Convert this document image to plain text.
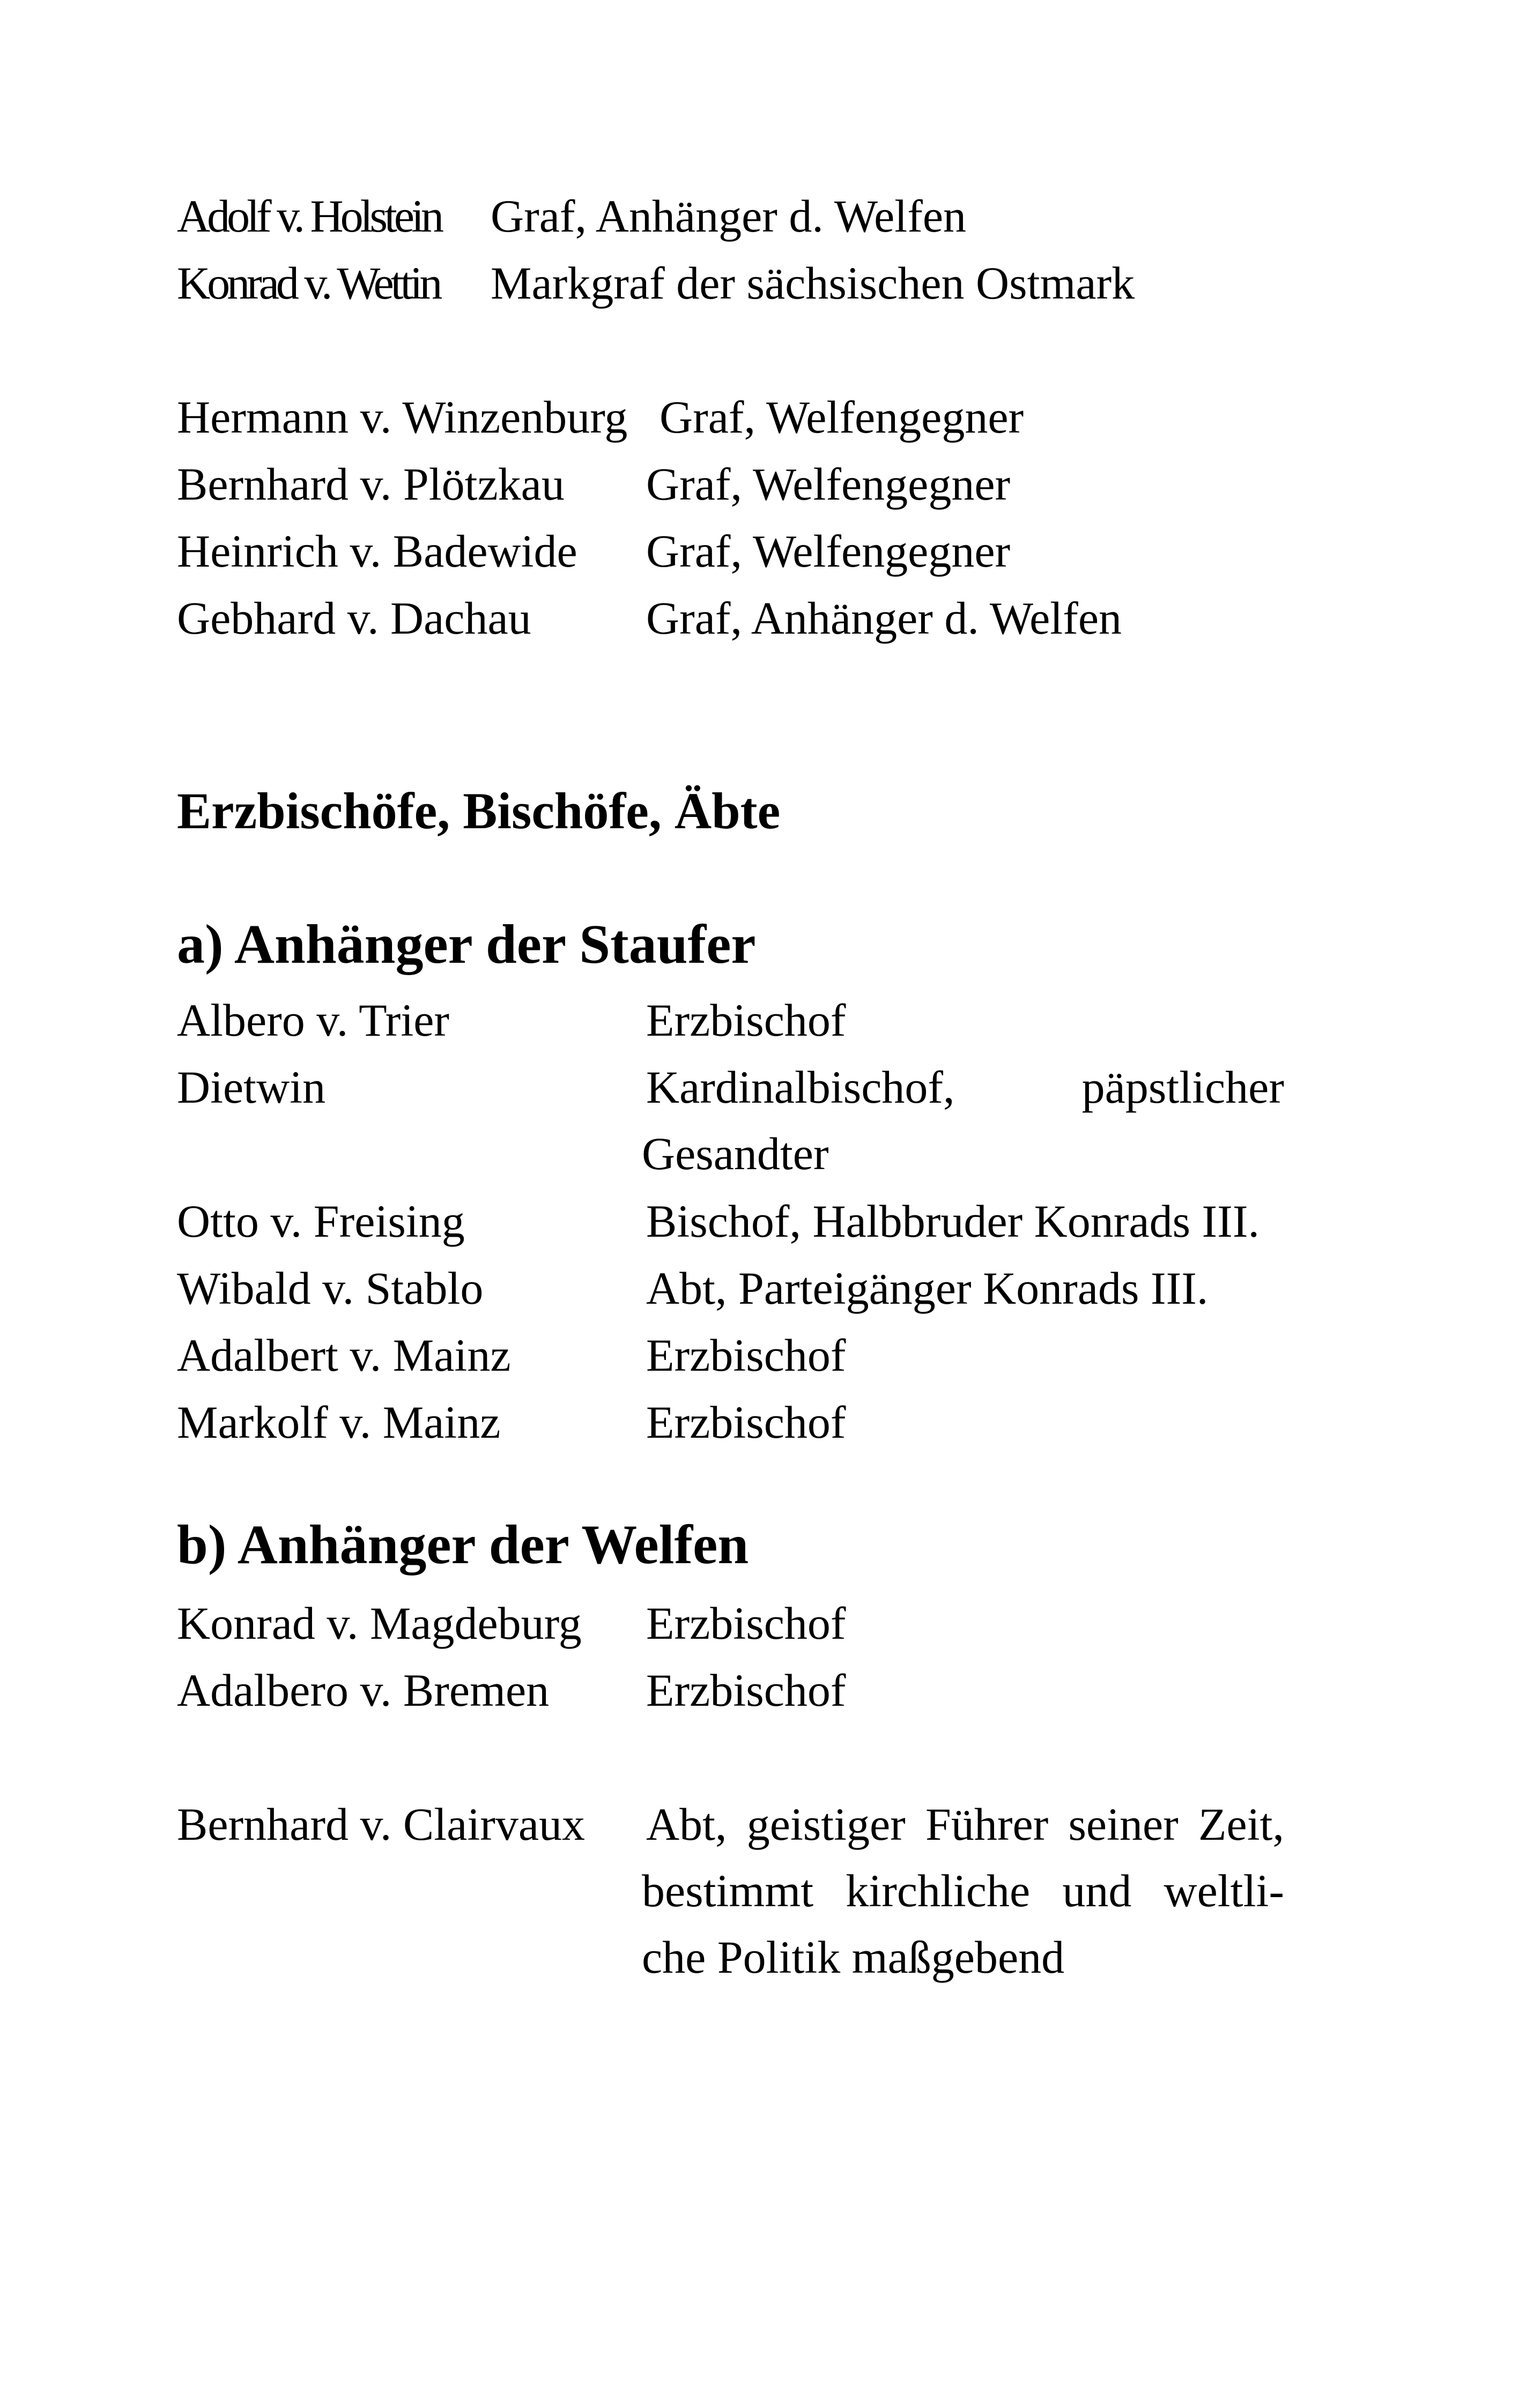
Adolf v. Holstein Graf, Anhänger d. Welfen
Konrad v. Wettin Markgraf der sächsischen Ostmark
Hermann v. Winzenburg Graf, Welfengegner
Bernhard v. Plötzkau Graf, Welfengegner
Heinrich v. Badewide Graf, Welfengegner
Gebhard v. Dachau Graf, Anhänger d. Welfen
Erzbischöfe, Bischöfe, Äbte
a) Anhänger der Staufer
Albero v. Trier	Erzbischof
Dietwin	Kardinalbischof, päpstlicher
Gesandter
Otto v. Freising	Bischof, Halbbruder Konrads III.
Wibald v. Stablo	Abt, Parteigänger Konrads III.
Adalbert v. Mainz	Erzbischof
Markolf v. Mainz	Erzbischof
b) Anhänger der Welfen
Konrad v. Magdeburg Erzbischof
Adalbero v. Bremen Erzbischof
Bernhard v. Clairvaux Abt, geistiger Führer seiner Zeit,
bestimmt kirchliche und weltli-
che Politik maßgebend
